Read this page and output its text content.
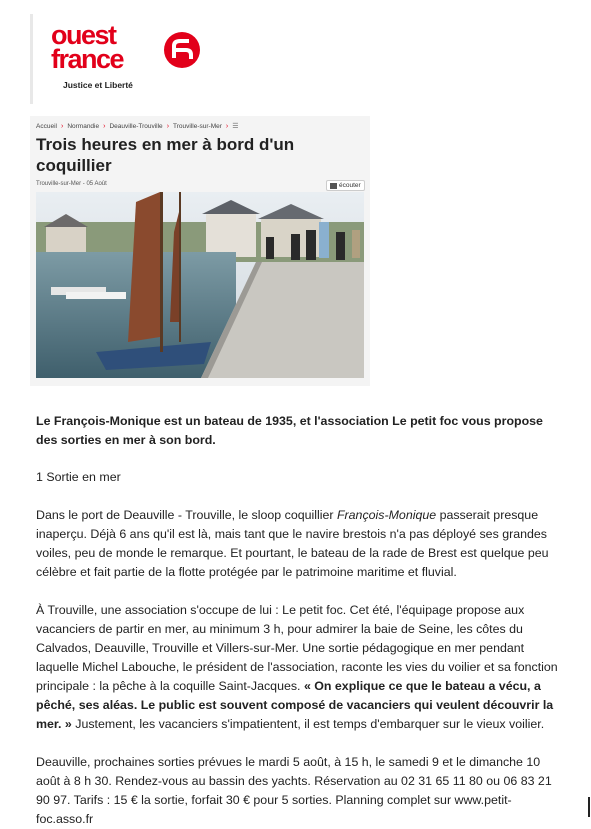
ouest
france
Justice et Liberté
Accueil › Normandie › Deauville-Trouville › Trouville-sur-Mer › ☰
Trois heures en mer à bord d'un coquillier
Trouville-sur-Mer - 05 Août	écouter

Le François-Monique est un bateau de 1935, et l'association Le petit foc vous propose des sorties en mer à son bord.

1 Sortie en mer

Dans le port de Deauville - Trouville, le sloop coquillier François-Monique passerait presque inaperçu. Déjà 6 ans qu'il est là, mais tant que le navire brestois n'a pas déployé ses grandes voiles, peu de monde le remarque. Et pourtant, le bateau de la rade de Brest est quelque peu célèbre et fait partie de la flotte protégée par le patrimoine maritime et fluvial.

À Trouville, une association s'occupe de lui : Le petit foc. Cet été, l'équipage propose aux vacanciers de partir en mer, au minimum 3 h, pour admirer la baie de Seine, les côtes du Calvados, Deauville, Trouville et Villers-sur-Mer. Une sortie pédagogique en mer pendant laquelle Michel Labouche, le président de l'association, raconte les vies du voilier et sa fonction principale : la pêche à la coquille Saint-Jacques. « On explique ce que le bateau a vécu, a pêché, ses aléas. Le public est souvent composé de vacanciers qui veulent découvrir la mer. » Justement, les vacanciers s'impatientent, il est temps d'embarquer sur le vieux voilier.

Deauville, prochaines sorties prévues le mardi 5 août, à 15 h, le samedi 9 et le dimanche 10 août à 8 h 30. Rendez-vous au bassin des yachts. Réservation au 02 31 65 11 80 ou 06 83 21 90 97. Tarifs : 15 € la sortie, forfait 30 € pour 5 sorties. Planning complet sur www.petit-foc.asso.fr
